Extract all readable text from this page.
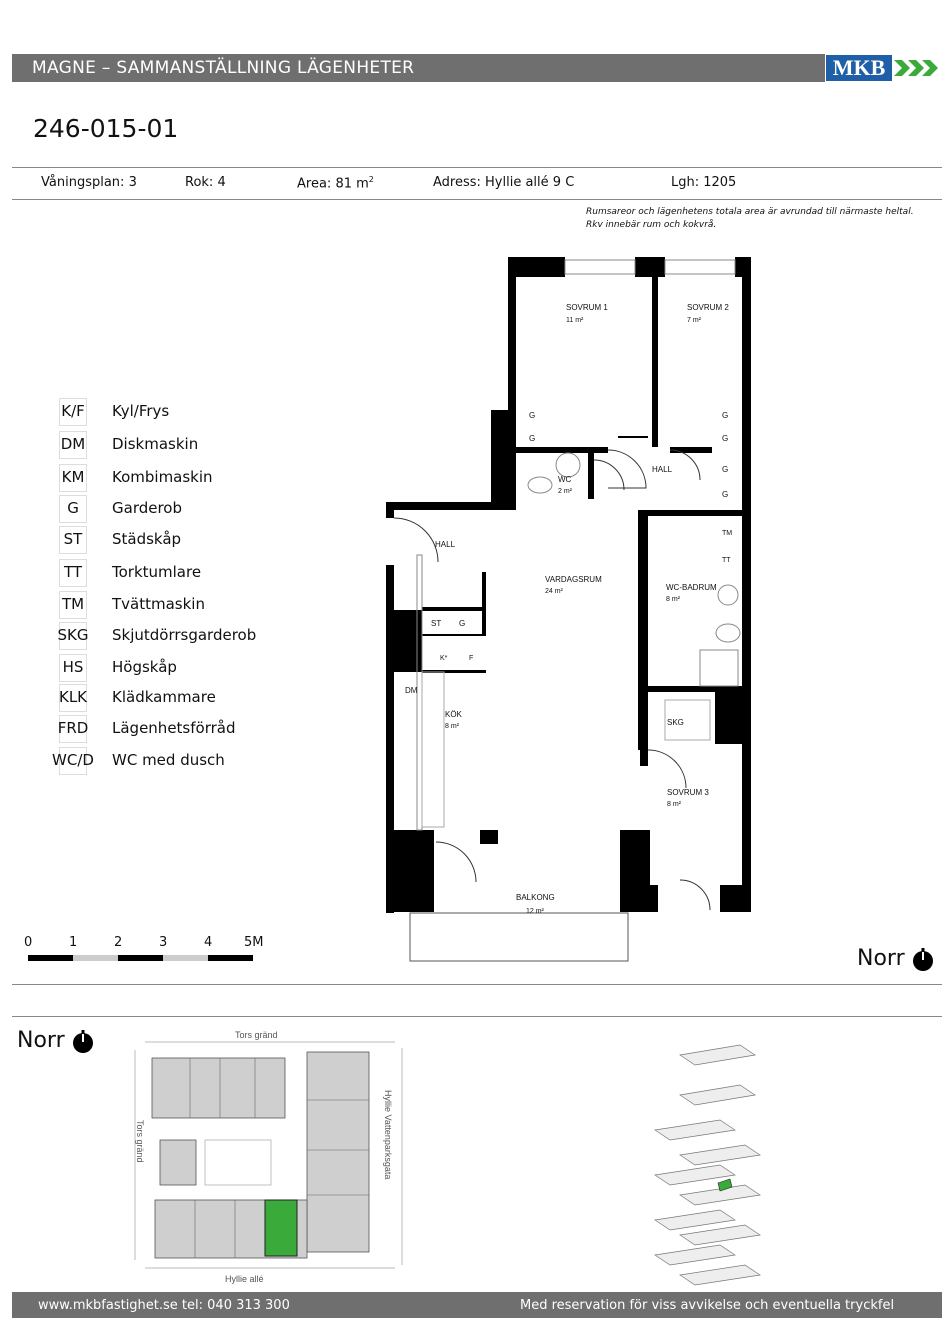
MAGNE – SAMMANSTÄLLNING LÄGENHETER	MKB
246-015-01
Våningsplan: 3	Rok: 4	Area: 81 $m^2$	Adress: Hyllie allé 9 C	Lgh: 1205
Rumsareor och lägenhetens totala area är avrundad till närmaste heltal.
Rkv innebär rum och kokvrå.
K/F	Kyl/Frys
DM	Diskmaskin
KM	Kombimaskin
G	Garderob
ST	Städskåp
TT	Torktumlare
TM	Tvättmaskin
SKG	Skjutdörrsgarderob
HS	Högskåp
KLK	Klädkammare
FRD	Lägenhetsförråd
WC/D WC med dusch
SOVRUM 1
11 m²
SOVRUM 2
7 m²
G
G
G
G
G
G
WC
2 m²
HALL
HALL
VARDAGSRUM
24 m²	WC-BADRUM
8 m²
TM
TT
ST G
K*	F
DM
KÖK
8 m²	SKG
SOVRUM 3
8 m²
BALKONG
12 m²
0	1	2	3	4 5M
Norr
Norr	Tors gränd
Tors gränd	Hyllie Vattenparksgata
Hyllie allé
www.mkbfastighet.se tel: 040 313 300	Med reservation för viss avvikelse och eventuella tryckfel
